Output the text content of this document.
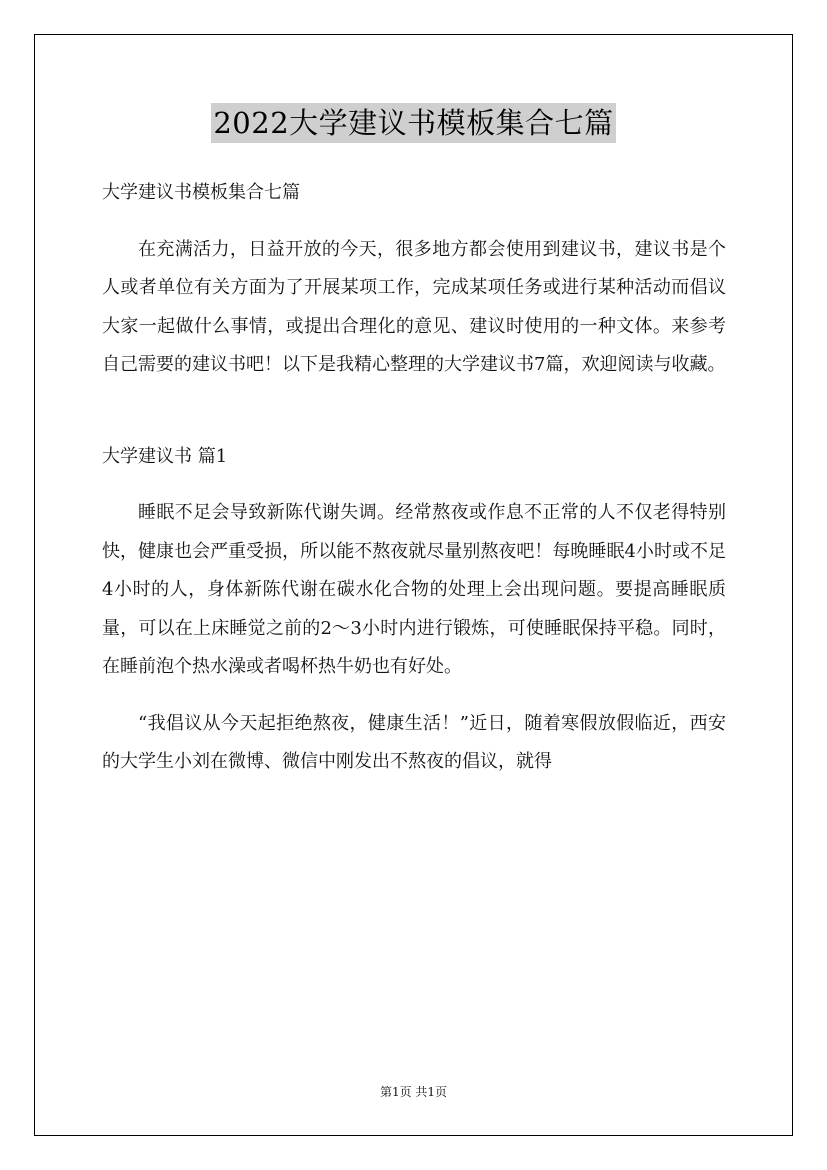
2022大学建议书模板集合七篇

大学建议书模板集合七篇

在充满活力，日益开放的今天，很多地方都会使用到建议书，建议书是个人或者单位有关方面为了开展某项工作，完成某项任务或进行某种活动而倡议大家一起做什么事情，或提出合理化的意见、建议时使用的一种文体。来参考自己需要的建议书吧！以下是我精心整理的大学建议书7篇，欢迎阅读与收藏。

大学建议书 篇1

睡眠不足会导致新陈代谢失调。经常熬夜或作息不正常的人不仅老得特别快，健康也会严重受损，所以能不熬夜就尽量别熬夜吧！每晚睡眠4小时或不足4小时的人，身体新陈代谢在碳水化合物的处理上会出现问题。要提高睡眠质量，可以在上床睡觉之前的2～3小时内进行锻炼，可使睡眠保持平稳。同时，在睡前泡个热水澡或者喝杯热牛奶也有好处。

“我倡议从今天起拒绝熬夜，健康生活！”近日，随着寒假放假临近，西安的大学生小刘在微博、微信中刚发出不熬夜的倡议，就得

第1页 共1页
